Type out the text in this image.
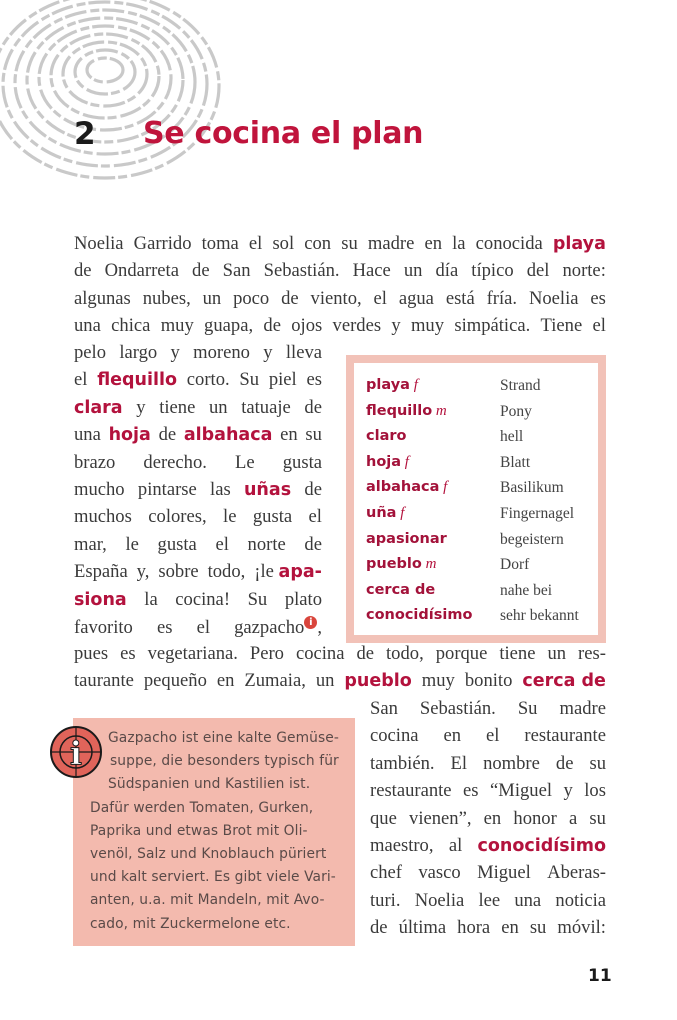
2 Se cocina el plan
Noelia Garrido toma el sol con su madre en la conocida playa
de Ondarreta de San Sebastián. Hace un día típico del norte:
algunas nubes, un poco de viento, el agua está fría. Noelia es
una chica muy guapa, de ojos verdes y muy simpática. Tiene el
pelo largo y moreno y lleva
el flequillo corto. Su piel es
clara y tiene un tatuaje de
una hoja de albahaca en su
brazo derecho. Le gusta
mucho pintarse las uñas de
muchos colores, le gusta el
mar, le gusta el norte de
España y, sobre todo, ¡le apa-
siona la cocina! Su plato
favorito es el gazpacho i ,
pues es vegetariana. Pero cocina de todo, porque tiene un res-
taurante pequeño en Zumaia, un pueblo muy bonito cerca de
San Sebastián. Su madre
cocina en el restaurante
también. El nombre de su
restaurante es “Miguel y los
que vienen”, en honor a su
maestro, al conocidísimo
chef vasco Miguel Aberas-
turi. Noelia lee una noticia
de última hora en su móvil:
playa f	Strand
flequillo m	Pony
claro	hell
hoja f	Blatt
albahaca f	Basilikum
uña f	Fingernagel
apasionar	begeistern
pueblo m	Dorf
cerca de	nahe bei
conocidísimo sehr bekannt
Gazpacho ist eine kalte Gemüse-
suppe, die besonders typisch für
Südspanien und Kastilien ist.
Dafür werden Tomaten, Gurken,
Paprika und etwas Brot mit Oli-
venöl, Salz und Knoblauch püriert
und kalt serviert. Es gibt viele Vari-
anten, u.a. mit Mandeln, mit Avo-
cado, mit Zuckermelone etc.
i
11
